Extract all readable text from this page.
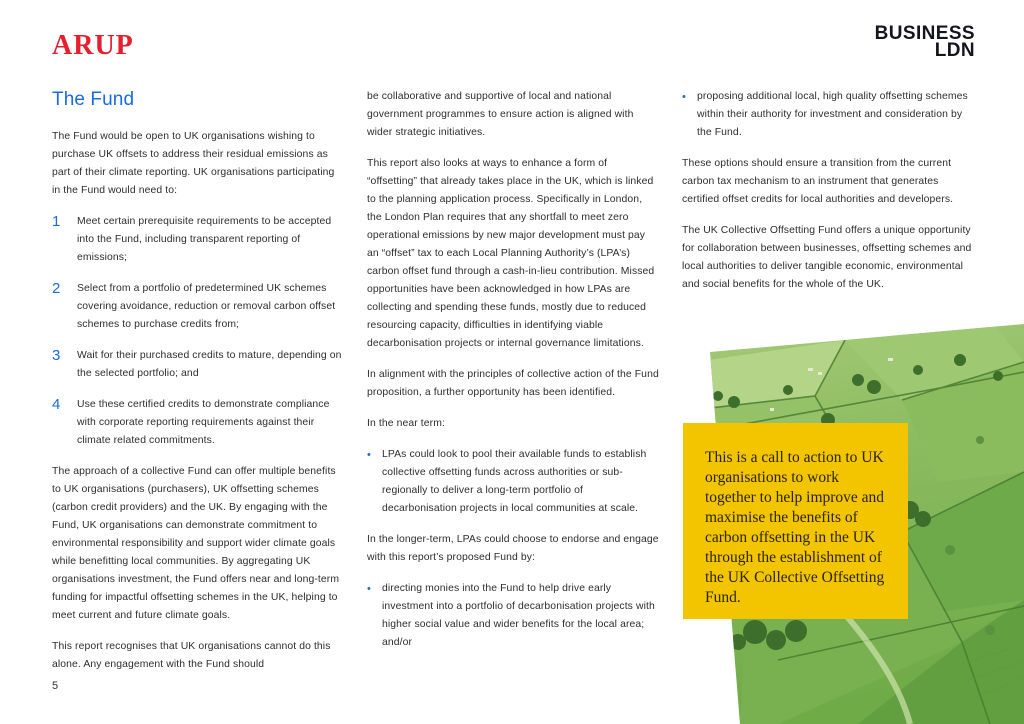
ARUP	BUSINESS
LDN
The Fund

The Fund would be open to UK organisations wishing to purchase UK offsets to address their residual emissions as part of their climate reporting. UK organisations participating in the Fund would need to:

1	Meet certain prerequisite requirements to be accepted into the Fund, including transparent reporting of emissions;
2	Select from a portfolio of predetermined UK schemes covering avoidance, reduction or removal carbon offset schemes to purchase credits from;
3	Wait for their purchased credits to mature, depending on the selected portfolio; and
4	Use these certified credits to demonstrate compliance with corporate reporting requirements against their climate related commitments.

The approach of a collective Fund can offer multiple benefits to UK organisations (purchasers), UK offsetting schemes (carbon credit providers) and the UK. By engaging with the Fund, UK organisations can demonstrate commitment to environmental responsibility and support wider climate goals while benefitting local communities. By aggregating UK organisations investment, the Fund offers near and long-term funding for impactful offsetting schemes in the UK, helping to meet current and future climate goals.

This report recognises that UK organisations cannot do this alone. Any engagement with the Fund should

be collaborative and supportive of local and national government programmes to ensure action is aligned with wider strategic initiatives.

This report also looks at ways to enhance a form of “offsetting” that already takes place in the UK, which is linked to the planning application process. Specifically in London, the London Plan requires that any shortfall to meet zero operational emissions by new major development must pay an “offset” tax to each Local Planning Authority’s (LPA’s) carbon offset fund through a cash-in-lieu contribution. Missed opportunities have been acknowledged in how LPAs are collecting and spending these funds, mostly due to reduced resourcing capacity, difficulties in identifying viable decarbonisation projects or internal governance limitations.

In alignment with the principles of collective action of the Fund proposition, a further opportunity has been identified.

In the near term:

•
LPAs could look to pool their available funds to establish collective offsetting funds across authorities or sub-regionally to deliver a long-term portfolio of decarbonisation projects in local communities at scale.

In the longer-term, LPAs could choose to endorse and engage with this report’s proposed Fund by:

•
directing monies into the Fund to help drive early investment into a portfolio of decarbonisation projects with higher social value and wider benefits for the local area; and/or
•
proposing additional local, high quality offsetting schemes within their authority for investment and consideration by the Fund.

These options should ensure a transition from the current carbon tax mechanism to an instrument that generates certified offset credits for local authorities and developers.

The UK Collective Offsetting Fund offers a unique opportunity for collaboration between businesses, offsetting schemes and local authorities to deliver tangible economic, environmental and social benefits for the whole of the UK.

This is a call to action to UK organisations to work together to help improve and maximise the benefits of carbon offsetting in the UK through the establishment of the UK Collective Offsetting Fund.
5
